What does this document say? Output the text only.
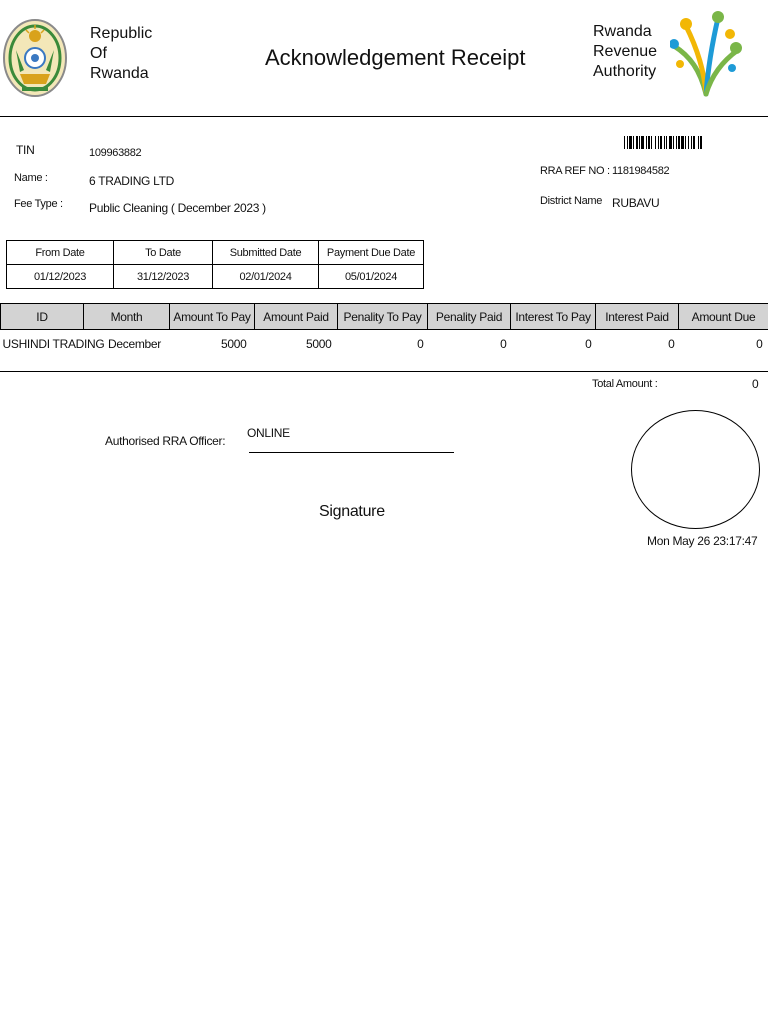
Republic
Of
Rwanda
Acknowledgement Receipt
Rwanda
Revenue
Authority
TIN	109963882
Name :	6 TRADING LTD
Fee Type : Public Cleaning ( December 2023 )
RRA REF NO : 1181984582
District Name RUBAVU
From Date	To Date	Submitted Date	Payment Due Date
01/12/2023	31/12/2023	02/01/2024	05/01/2024
ID	Month	Amount To Pay	Amount Paid	Penality To Pay	Penality Paid	Interest To Pay	Interest Paid	Amount Due
USHINDI TRADING	December	5000	5000	0	0	0	0	0
Total Amount :	0
Authorised RRA Officer:
ONLINE
Signature
Mon May 26 23:17:47
